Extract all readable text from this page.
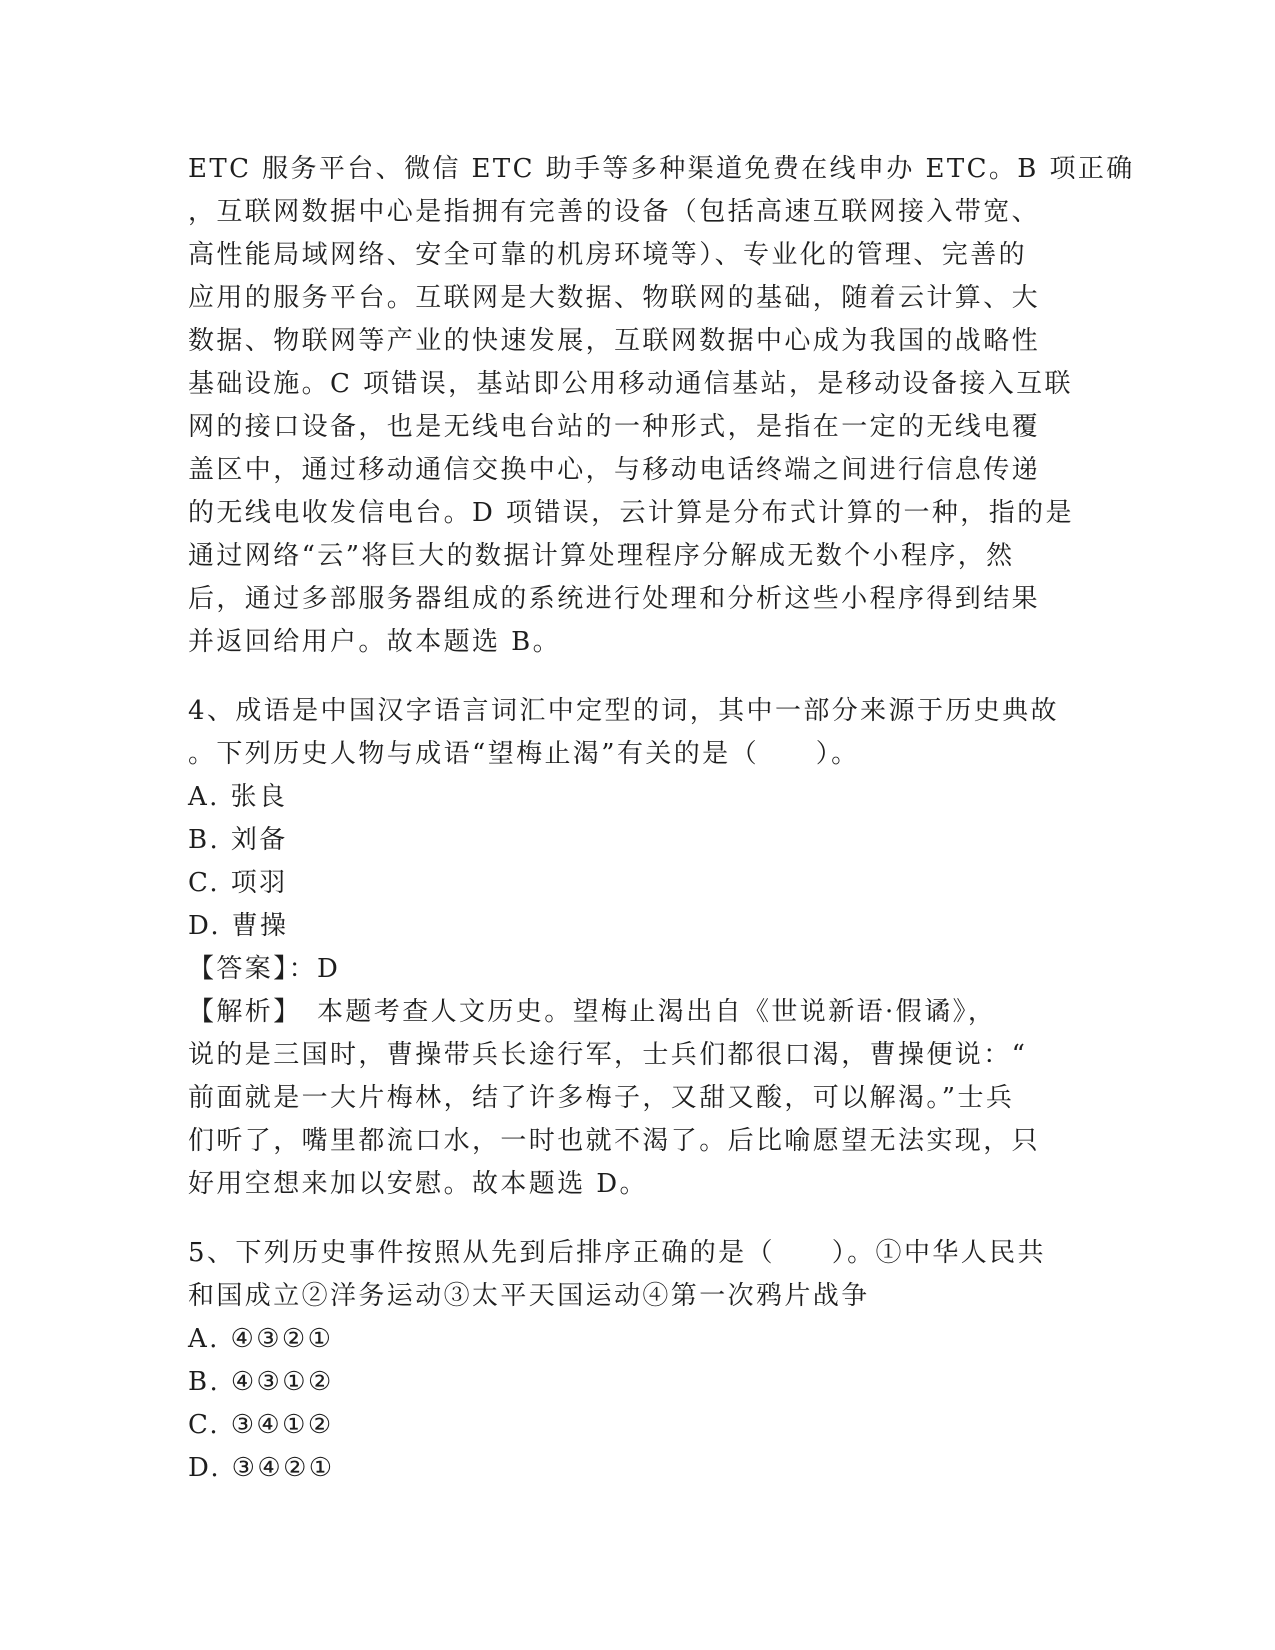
ETC 服务平台、微信 ETC 助手等多种渠道免费在线申办 ETC。B 项正确
，互联网数据中心是指拥有完善的设备（包括高速互联网接入带宽、
高性能局域网络、安全可靠的机房环境等）、专业化的管理、完善的
应用的服务平台。互联网是大数据、物联网的基础，随着云计算、大
数据、物联网等产业的快速发展，互联网数据中心成为我国的战略性
基础设施。C 项错误，基站即公用移动通信基站，是移动设备接入互联
网的接口设备，也是无线电台站的一种形式，是指在一定的无线电覆
盖区中，通过移动通信交换中心，与移动电话终端之间进行信息传递
的无线电收发信电台。D 项错误，云计算是分布式计算的一种，指的是
通过网络“云”将巨大的数据计算处理程序分解成无数个小程序，然
后，通过多部服务器组成的系统进行处理和分析这些小程序得到结果
并返回给用户。故本题选 B。
4、成语是中国汉字语言词汇中定型的词，其中一部分来源于历史典故
。下列历史人物与成语“望梅止渴”有关的是（　　）。
A. 张良
B. 刘备
C. 项羽
D. 曹操
【答案】：D
【解析】　本题考查人文历史。望梅止渴出自《世说新语·假谲》，
说的是三国时，曹操带兵长途行军，士兵们都很口渴，曹操便说：“
前面就是一大片梅林，结了许多梅子，又甜又酸，可以解渴。”士兵
们听了，嘴里都流口水，一时也就不渴了。后比喻愿望无法实现，只
好用空想来加以安慰。故本题选 D。
5、下列历史事件按照从先到后排序正确的是（　　）。①中华人民共
和国成立②洋务运动③太平天国运动④第一次鸦片战争
A. ④③②①
B. ④③①②
C. ③④①②
D. ③④②①
